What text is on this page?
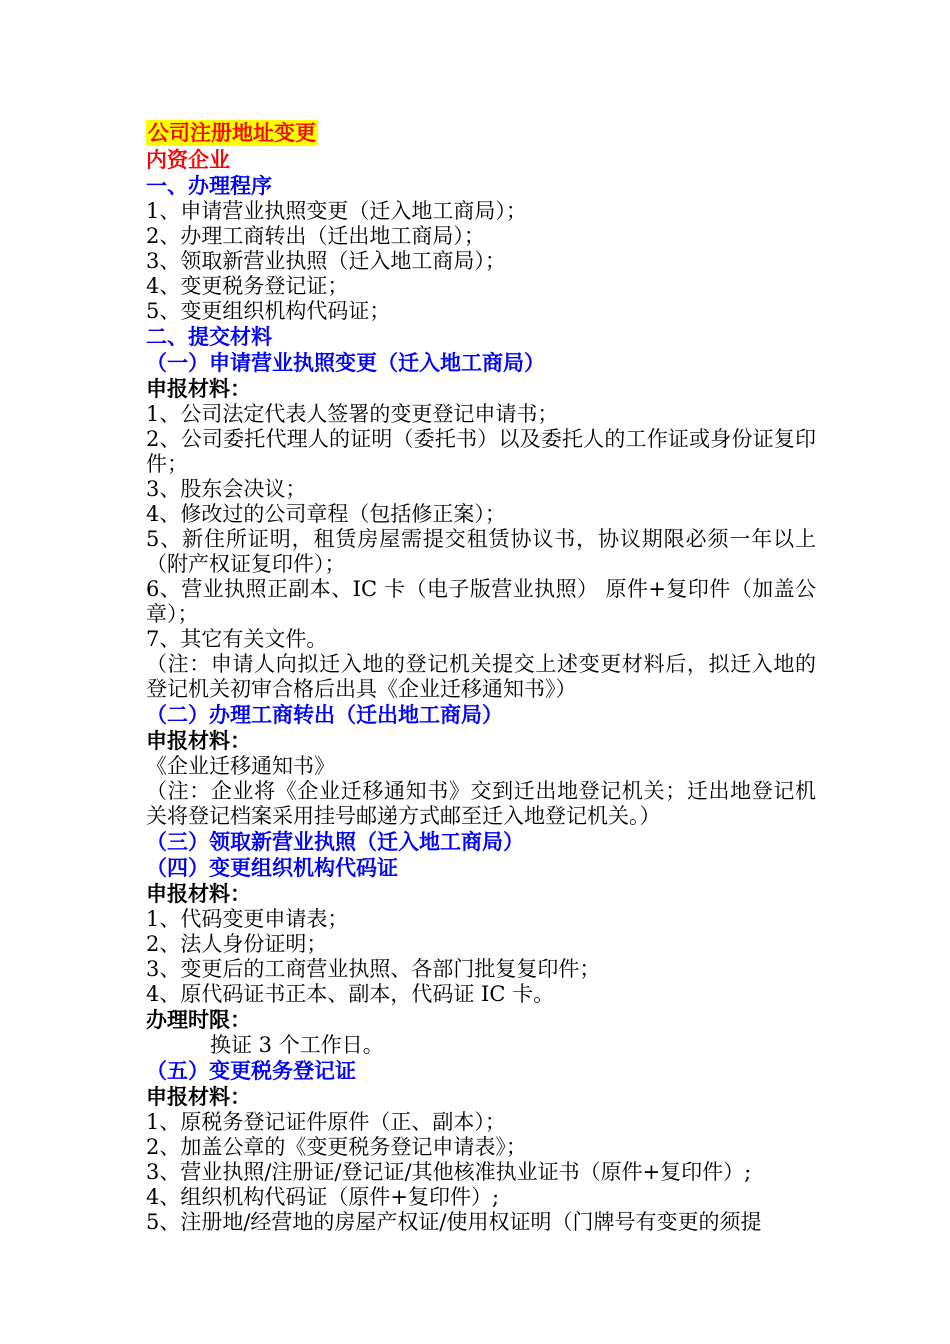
公司注册地址变更

内资企业

一、办理程序

1、申请营业执照变更（迁入地工商局）；

2、办理工商转出（迁出地工商局）；

3、领取新营业执照（迁入地工商局）；

4、变更税务登记证；

5、变更组织机构代码证；

二、提交材料

（一）申请营业执照变更（迁入地工商局）

申报材料：

1、公司法定代表人签署的变更登记申请书；

2、公司委托代理人的证明（委托书）以及委托人的工作证或身份证复印件；

3、股东会决议；

4、修改过的公司章程（包括修正案）；

5、新住所证明，租赁房屋需提交租赁协议书，协议期限必须一年以上（附产权证复印件）；

6、营业执照正副本、IC 卡（电子版营业执照） 原件+复印件（加盖公章）；

7、其它有关文件。

（注：申请人向拟迁入地的登记机关提交上述变更材料后，拟迁入地的登记机关初审合格后出具《企业迁移通知书》）

（二）办理工商转出（迁出地工商局）

申报材料：

《企业迁移通知书》

（注：企业将《企业迁移通知书》交到迁出地登记机关；迁出地登记机关将登记档案采用挂号邮递方式邮至迁入地登记机关。）

（三）领取新营业执照（迁入地工商局）

（四）变更组织机构代码证

申报材料：

1、代码变更申请表；

2、法人身份证明；

3、变更后的工商营业执照、各部门批复复印件；

4、原代码证书正本、副本，代码证 IC 卡。

办理时限：

换证 3 个工作日。

（五）变更税务登记证

申报材料：

1、原税务登记证件原件（正、副本）；

2、加盖公章的《变更税务登记申请表》；

3、营业执照/注册证/登记证/其他核准执业证书（原件+复印件）;

4、组织机构代码证（原件+复印件）;

5、注册地/经营地的房屋产权证/使用权证明（门牌号有变更的须提
